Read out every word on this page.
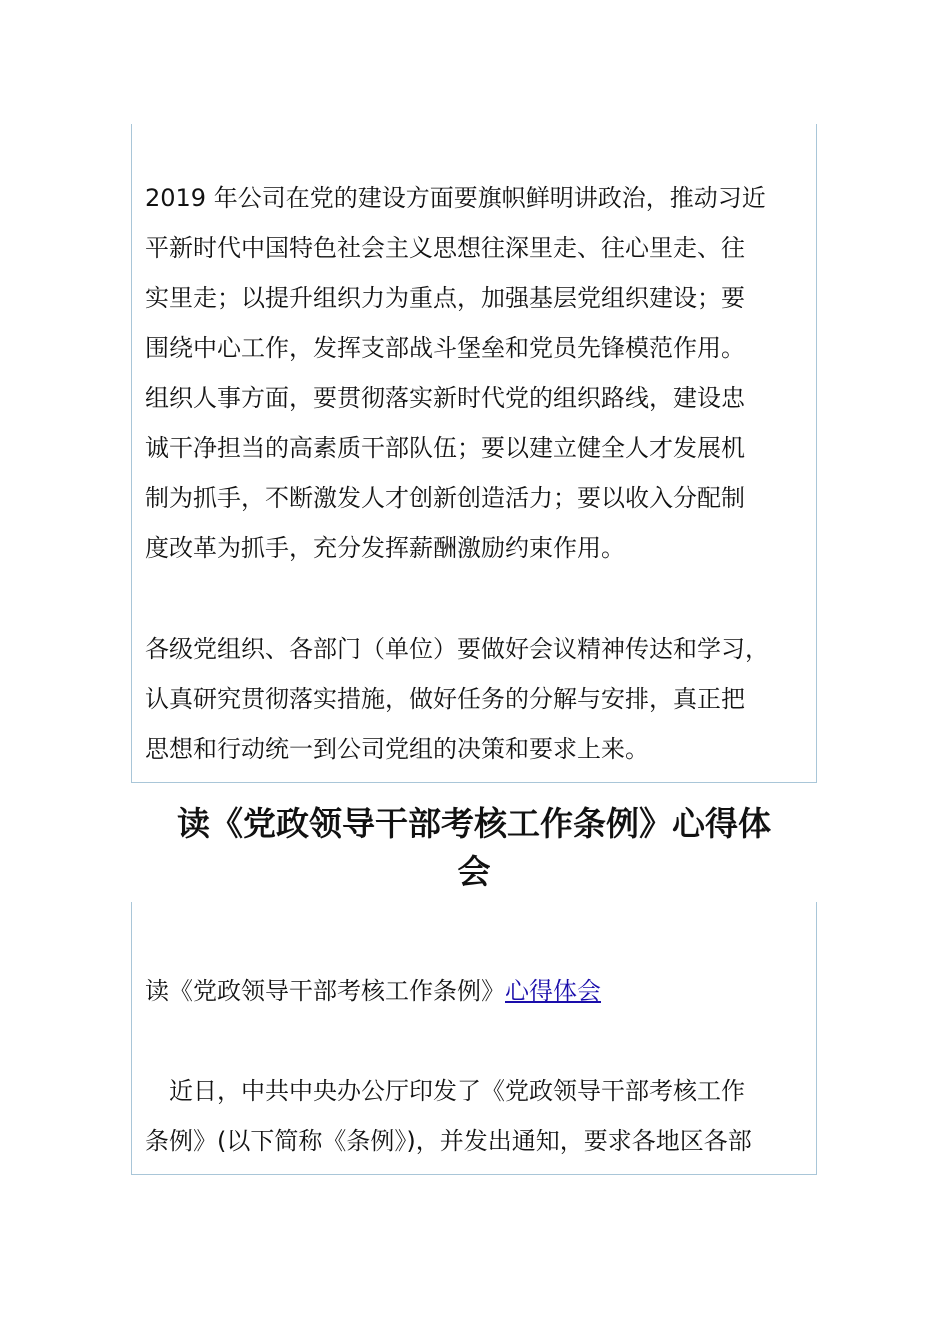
2019 年公司在党的建设方面要旗帜鲜明讲政治，推动习近
平新时代中国特色社会主义思想往深里走、往心里走、往
实里走；以提升组织力为重点，加强基层党组织建设；要
围绕中心工作，发挥支部战斗堡垒和党员先锋模范作用。
组织人事方面，要贯彻落实新时代党的组织路线，建设忠
诚干净担当的高素质干部队伍；要以建立健全人才发展机
制为抓手，不断激发人才创新创造活力；要以收入分配制
度改革为抓手，充分发挥薪酬激励约束作用。

各级党组织、各部门（单位）要做好会议精神传达和学习，
认真研究贯彻落实措施，做好任务的分解与安排，真正把
思想和行动统一到公司党组的决策和要求上来。

读《党政领导干部考核工作条例》心得体
会

读《党政领导干部考核工作条例》心得体会

　近日，中共中央办公厅印发了《党政领导干部考核工作
条例》(以下简称《条例》)，并发出通知，要求各地区各部
